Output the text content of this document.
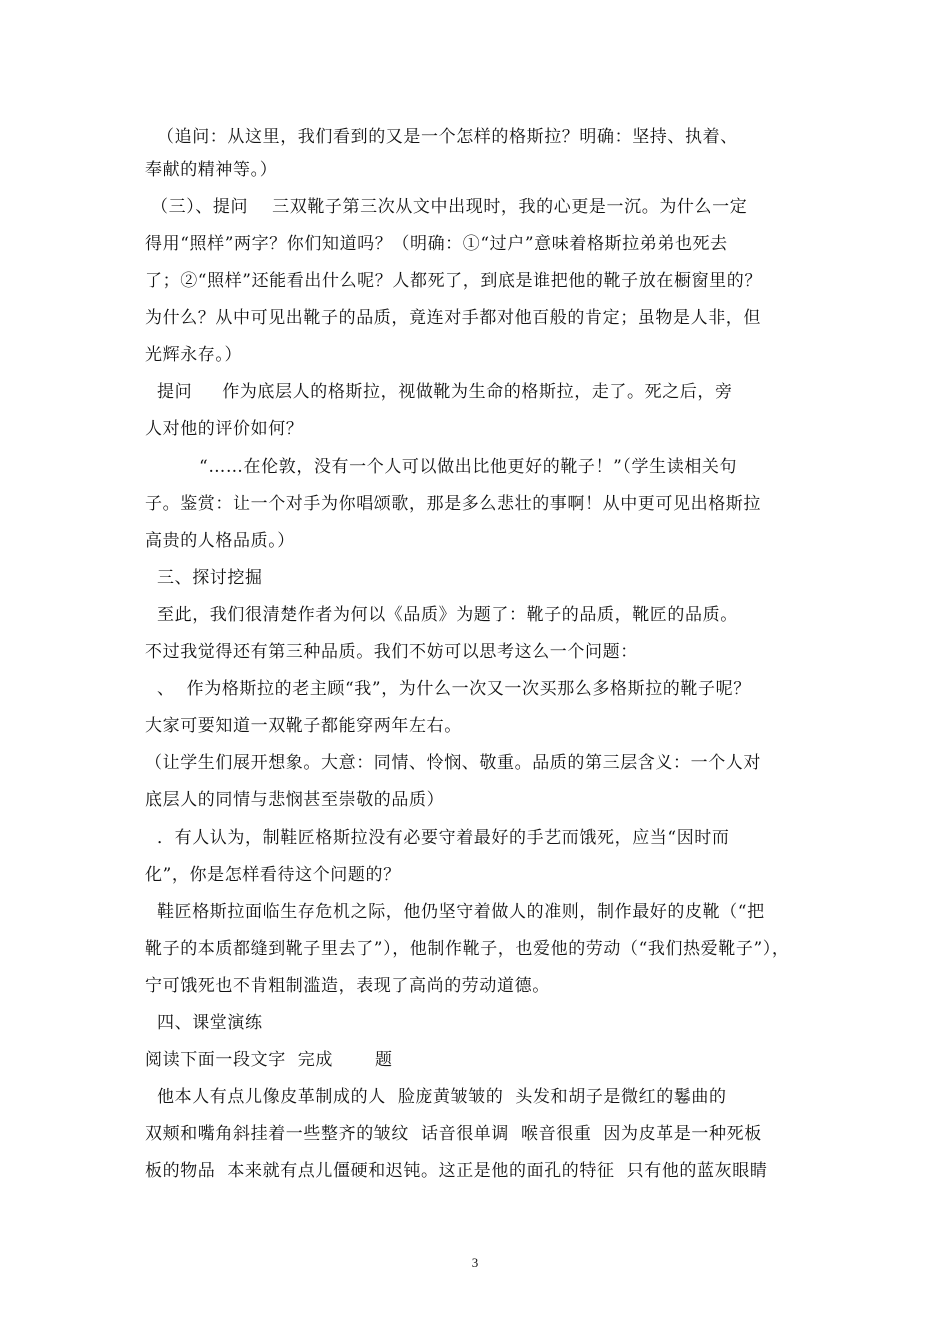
（追问：从这里，我们看到的又是一个怎样的格斯拉？明确：坚持、执着、
奉献的精神等。）
（三）、提问    三双靴子第三次从文中出现时，我的心更是一沉。为什么一定
得用“照样”两字？你们知道吗？（明确：①“过户”意味着格斯拉弟弟也死去
了；②“照样”还能看出什么呢？人都死了，到底是谁把他的靴子放在橱窗里的？
为什么？从中可见出靴子的品质，竟连对手都对他百般的肯定；虽物是人非，但
光辉永存。）
提问     作为底层人的格斯拉，视做靴为生命的格斯拉，走了。死之后，旁
人对他的评价如何？
“……在伦敦，没有一个人可以做出比他更好的靴子！”（学生读相关句
子。鉴赏：让一个对手为你唱颂歌，那是多么悲壮的事啊！从中更可见出格斯拉
高贵的人格品质。）
三、探讨挖掘
至此，我们很清楚作者为何以《品质》为题了：靴子的品质，靴匠的品质。
不过我觉得还有第三种品质。我们不妨可以思考这么一个问题：
、  作为格斯拉的老主顾“我”，为什么一次又一次买那么多格斯拉的靴子呢？
大家可要知道一双靴子都能穿两年左右。
（让学生们展开想象。大意：同情、怜悯、敬重。品质的第三层含义：一个人对
底层人的同情与悲悯甚至崇敬的品质）
．有人认为，制鞋匠格斯拉没有必要守着最好的手艺而饿死，应当“因时而
化”，你是怎样看待这个问题的？
鞋匠格斯拉面临生存危机之际，他仍坚守着做人的准则，制作最好的皮靴（“把
靴子的本质都缝到靴子里去了”），他制作靴子，也爱他的劳动（“我们热爱靴子”），
宁可饿死也不肯粗制滥造，表现了高尚的劳动道德。
四、课堂演练
阅读下面一段文字  完成       题
他本人有点儿像皮革制成的人  脸庞黄皱皱的  头发和胡子是微红的鬈曲的
双颊和嘴角斜挂着一些整齐的皱纹  话音很单调  喉音很重  因为皮革是一种死板
板的物品  本来就有点儿僵硬和迟钝。这正是他的面孔的特征  只有他的蓝灰眼睛
3
